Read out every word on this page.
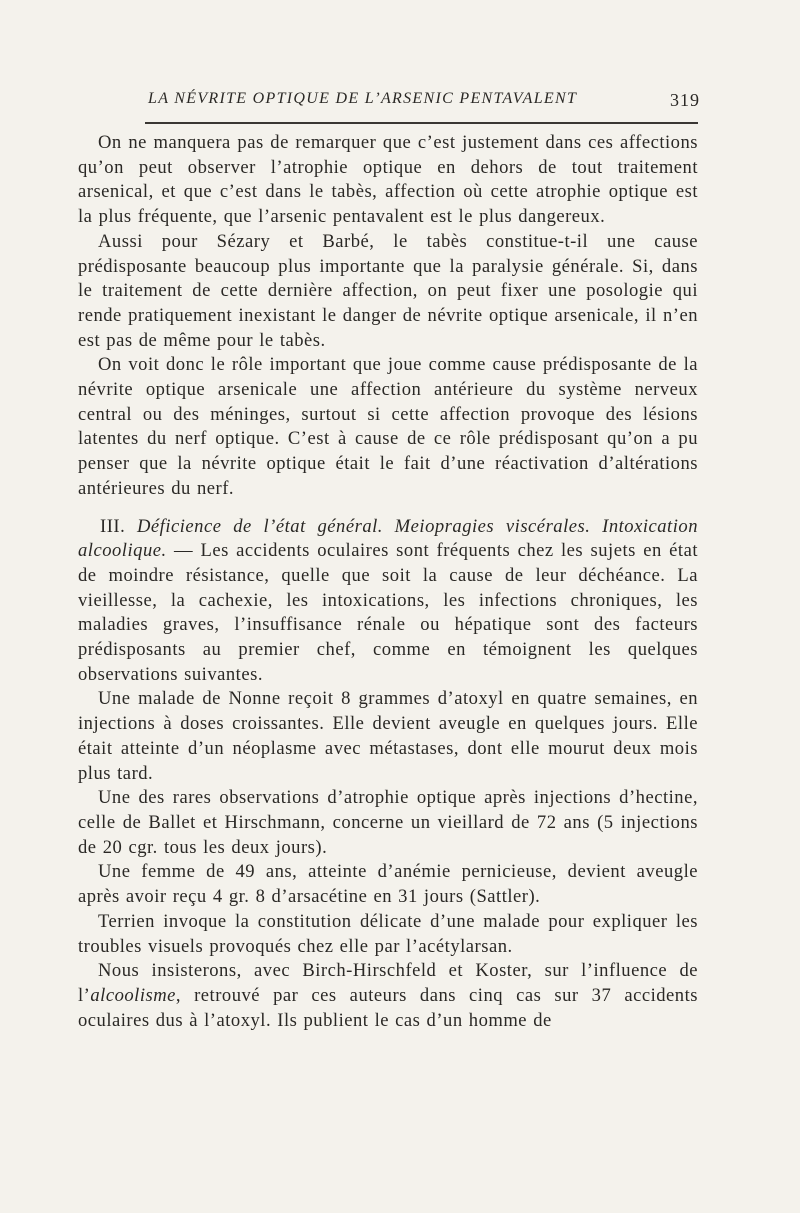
LA NÉVRITE OPTIQUE DE L’ARSENIC PENTAVALENT	319

On ne manquera pas de remarquer que c’est justement dans ces affections qu’on peut observer l’atrophie optique en dehors de tout traitement arsenical, et que c’est dans le tabès, affection où cette atrophie optique est la plus fréquente, que l’arsenic pentavalent est le plus dangereux.

Aussi pour Sézary et Barbé, le tabès constitue-t-il une cause prédisposante beaucoup plus importante que la paralysie générale. Si, dans le traitement de cette dernière affection, on peut fixer une posologie qui rende pratiquement inexistant le danger de névrite optique arsenicale, il n’en est pas de même pour le tabès.

On voit donc le rôle important que joue comme cause prédisposante de la névrite optique arsenicale une affection antérieure du système nerveux central ou des méninges, surtout si cette affection provoque des lésions latentes du nerf optique. C’est à cause de ce rôle prédisposant qu’on a pu penser que la névrite optique était le fait d’une réactivation d’altérations antérieures du nerf.

III. Déficience de l’état général. Meiopragies viscérales. Intoxication alcoolique. — Les accidents oculaires sont fréquents chez les sujets en état de moindre résistance, quelle que soit la cause de leur déchéance. La vieillesse, la cachexie, les intoxications, les infections chroniques, les maladies graves, l’insuffisance rénale ou hépatique sont des facteurs prédisposants au premier chef, comme en témoignent les quelques observations suivantes.

Une malade de Nonne reçoit 8 grammes d’atoxyl en quatre semaines, en injections à doses croissantes. Elle devient aveugle en quelques jours. Elle était atteinte d’un néoplasme avec métastases, dont elle mourut deux mois plus tard.

Une des rares observations d’atrophie optique après injections d’hectine, celle de Ballet et Hirschmann, concerne un vieillard de 72 ans (5 injections de 20 cgr. tous les deux jours).

Une femme de 49 ans, atteinte d’anémie pernicieuse, devient aveugle après avoir reçu 4 gr. 8 d’arsacétine en 31 jours (Sattler).

Terrien invoque la constitution délicate d’une malade pour expliquer les troubles visuels provoqués chez elle par l’acétylarsan.

Nous insisterons, avec Birch-Hirschfeld et Koster, sur l’influence de l’alcoolisme, retrouvé par ces auteurs dans cinq cas sur 37 accidents oculaires dus à l’atoxyl. Ils publient le cas d’un homme de
